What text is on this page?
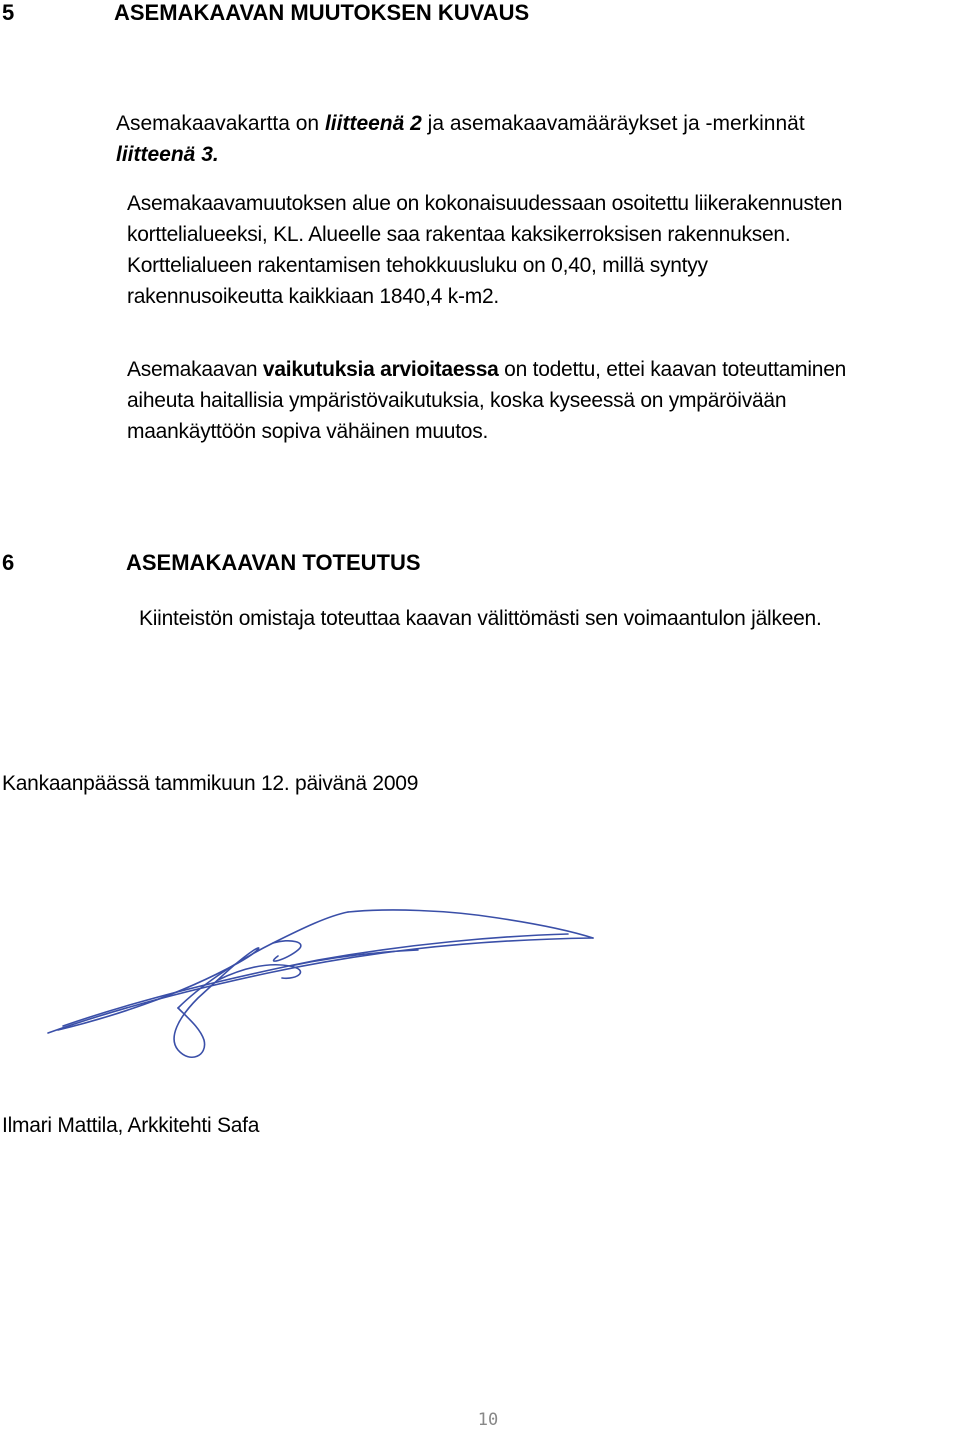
5	ASEMAKAAVAN MUUTOKSEN KUVAUS
Asemakaavakartta on liitteenä 2 ja asemakaavamääräykset ja -merkinnät
liitteenä 3.
Asemakaavamuutoksen alue on kokonaisuudessaan osoitettu liikerakennusten
korttelialueeksi, KL. Alueelle saa rakentaa kaksikerroksisen rakennuksen.
Korttelialueen rakentamisen tehokkuusluku on 0,40, millä syntyy
rakennusoikeutta kaikkiaan 1840,4 k-m2.
Asemakaavan vaikutuksia arvioitaessa on todettu, ettei kaavan toteuttaminen
aiheuta haitallisia ympäristövaikutuksia, koska kyseessä on ympäröivään
maankäyttöön sopiva vähäinen muutos.
6	ASEMAKAAVAN TOTEUTUS
Kiinteistön omistaja toteuttaa kaavan välittömästi sen voimaantulon jälkeen.
Kankaanpäässä tammikuun 12. päivänä 2009
Ilmari Mattila, Arkkitehti Safa
10
